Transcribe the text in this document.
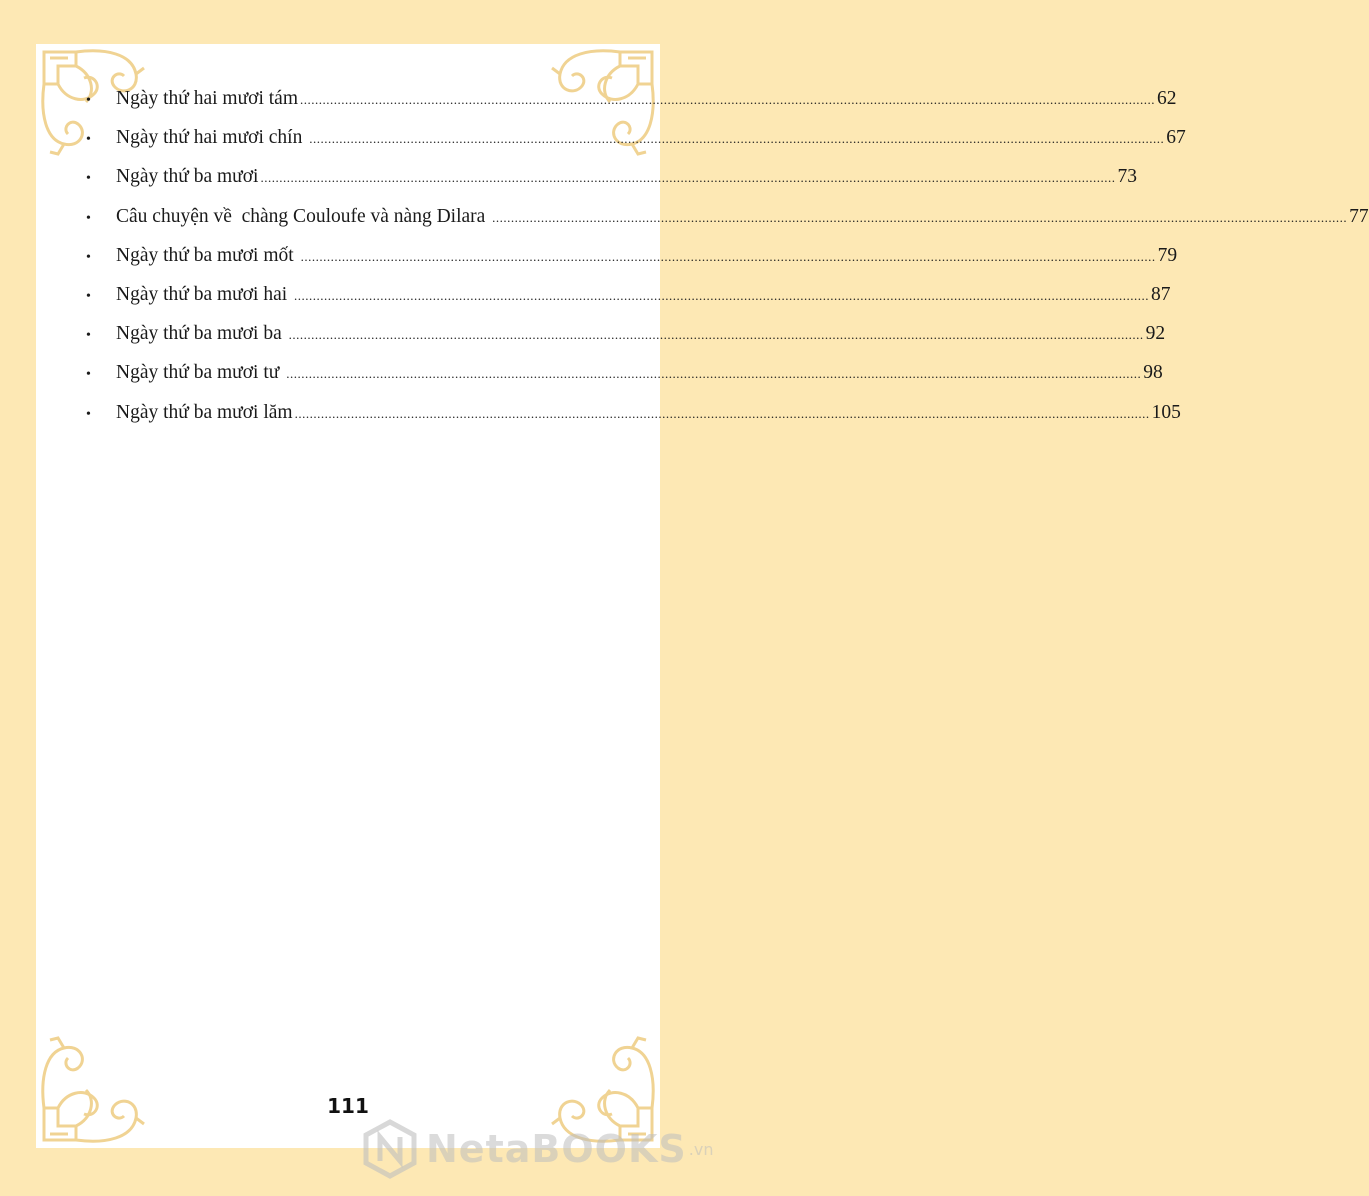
•	Ngày thứ hai mươi tám .....	62
•	Ngày thứ hai mươi chín .....	67
•	Ngày thứ ba mươi .....	73
•	Câu chuyện về  chàng Couloufe và nàng Dilara .....	77
•	Ngày thứ ba mươi mốt .....	79
•	Ngày thứ ba mươi hai .....	87
•	Ngày thứ ba mươi ba .....	92
•	Ngày thứ ba mươi tư .....	98
•	Ngày thứ ba mươi lăm .....	105
111
NetaBOOKS .vn
